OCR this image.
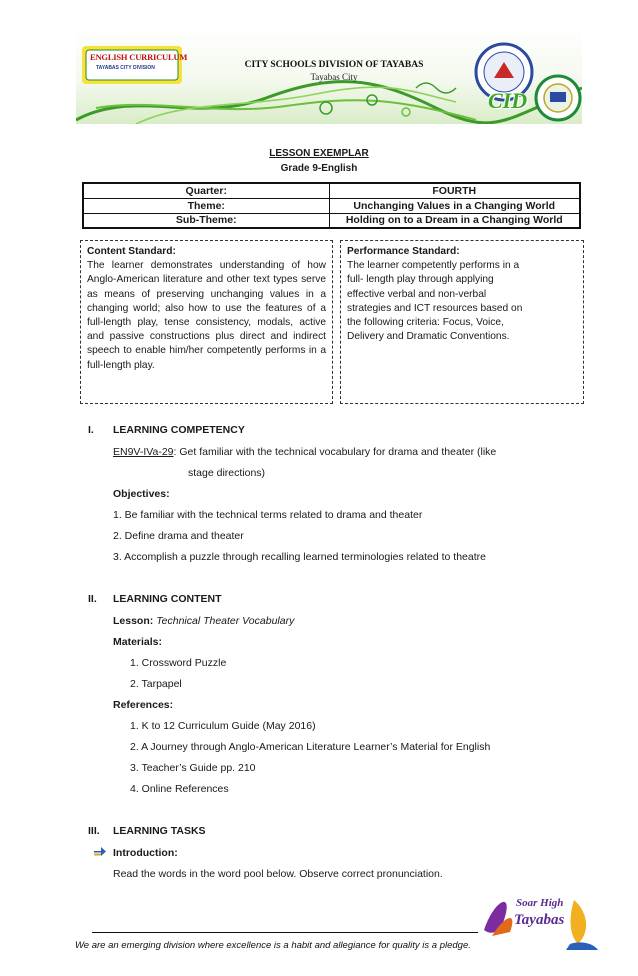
ENGLISH CURRICULUM
TAYABAS CITY DIVISION	CITY SCHOOLS DIVISION OF TAYABAS
Tayabas City
CID
LESSON EXEMPLAR
Grade 9-English
Quarter:	FOURTH
Theme:	Unchanging Values in a Changing World
Sub-Theme:	Holding on to a Dream in a Changing World
Content Standard:
The learner demonstrates understanding of how Anglo-American literature and other text types serve as means of preserving unchanging values in a changing world; also how to use the features of a full-length play, tense consistency, modals, active and passive constructions plus direct and indirect speech to enable him/her competently performs in a full-length play.
Performance Standard:
The learner competently performs in a
full- length play through applying
effective verbal and non-verbal
strategies and ICT resources based on
the following criteria: Focus, Voice,
Delivery and Dramatic Conventions.
I. LEARNING COMPETENCY
EN9V-IVa-29: Get familiar with the technical vocabulary for drama and theater (like
stage directions)
Objectives:
1. Be familiar with the technical terms related to drama and theater
2. Define drama and theater
3. Accomplish a puzzle through recalling learned terminologies related to theatre
II. LEARNING CONTENT
Lesson: Technical Theater Vocabulary
Materials:
1. Crossword Puzzle
2. Tarpapel
References:
1. K to 12 Curriculum Guide (May 2016)
2. A Journey through Anglo-American Literature Learner’s Material for English
3. Teacher’s Guide pp. 210
4. Online References
III. LEARNING TASKS
Introduction:
Read the words in the word pool below. Observe correct pronunciation.
Soar High
Tayabas
We are an emerging division where excellence is a habit and allegiance for quality is a pledge.
